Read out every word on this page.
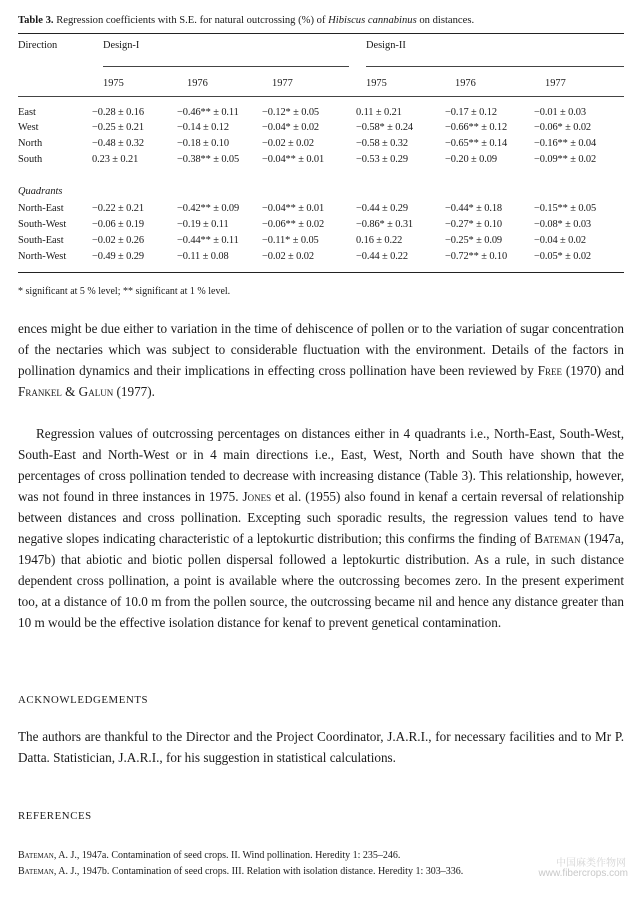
Table 3. Regression coefficients with S.E. for natural outcrossing (%) of Hibiscus cannabinus on distances.
Direction	Design-I	Design-II
1975	1976	1977	1975	1976	1977
East	−0.28 ± 0.16	−0.46** ± 0.11 −0.12* ± 0.05	0.11 ± 0.21	−0.17 ± 0.12	−0.01 ± 0.03
West	−0.25 ± 0.21	−0.14 ± 0.12	−0.04* ± 0.02	−0.58* ± 0.24	−0.66** ± 0.12	−0.06* ± 0.02
North	−0.48 ± 0.32	−0.18 ± 0.10	−0.02 ± 0.02	−0.58 ± 0.32	−0.65** ± 0.14	−0.16** ± 0.04
South	0.23 ± 0.21	−0.38** ± 0.05 −0.04** ± 0.01	−0.53 ± 0.29	−0.20 ± 0.09	−0.09** ± 0.02
North-East	−0.22 ± 0.21	−0.42** ± 0.09 −0.04** ± 0.01	−0.44 ± 0.29	−0.44* ± 0.18	−0.15** ± 0.05
South-West −0.06 ± 0.19	−0.19 ± 0.11	−0.06** ± 0.02	−0.86* ± 0.31	−0.27* ± 0.10	−0.08* ± 0.03
South-East	−0.02 ± 0.26	−0.44** ± 0.11 −0.11* ± 0.05	0.16 ± 0.22	−0.25* ± 0.09	−0.04 ± 0.02
North-West −0.49 ± 0.29	−0.11 ± 0.08	−0.02 ± 0.02	−0.44 ± 0.22	−0.72** ± 0.10	−0.05* ± 0.02
Quadrants
* significant at 5 % level; ** significant at 1 % level.
ences might be due either to variation in the time of dehiscence of pollen or to the variation of sugar concentration of the nectaries which was subject to considerable fluctuation with the environment. Details of the factors in pollination dynamics and their implications in effecting cross pollination have been reviewed by Free (1970) and Frankel & Galun (1977).
Regression values of outcrossing percentages on distances either in 4 quadrants i.e., North-East, South-West, South-East and North-West or in 4 main directions i.e., East, West, North and South have shown that the percentages of cross pollination tended to decrease with increasing distance (Table 3). This relationship, however, was not found in three instances in 1975. Jones et al. (1955) also found in kenaf a certain reversal of relationship between distances and cross pollination. Excepting such sporadic results, the regression values tend to have negative slopes indicating characteristic of a leptokurtic distribution; this confirms the finding of Bateman (1947a, 1947b) that abiotic and biotic pollen dispersal followed a leptokurtic distribution. As a rule, in such distance dependent cross pollination, a point is available where the outcrossing becomes zero. In the present experiment too, at a distance of 10.0 m from the pollen source, the outcrossing became nil and hence any distance greater than 10 m would be the effective isolation distance for kenaf to prevent genetical contamination.
ACKNOWLEDGEMENTS
The authors are thankful to the Director and the Project Coordinator, J.A.R.I., for necessary facilities and to Mr P. Datta. Statistician, J.A.R.I., for his suggestion in statistical calculations.
REFERENCES
Bateman, A. J., 1947a. Contamination of seed crops. II. Wind pollination. Heredity 1: 235–246.
Bateman, A. J., 1947b. Contamination of seed crops. III. Relation with isolation distance. Heredity 1: 303–336.
中国麻类作物网
www.fibercrops.com
